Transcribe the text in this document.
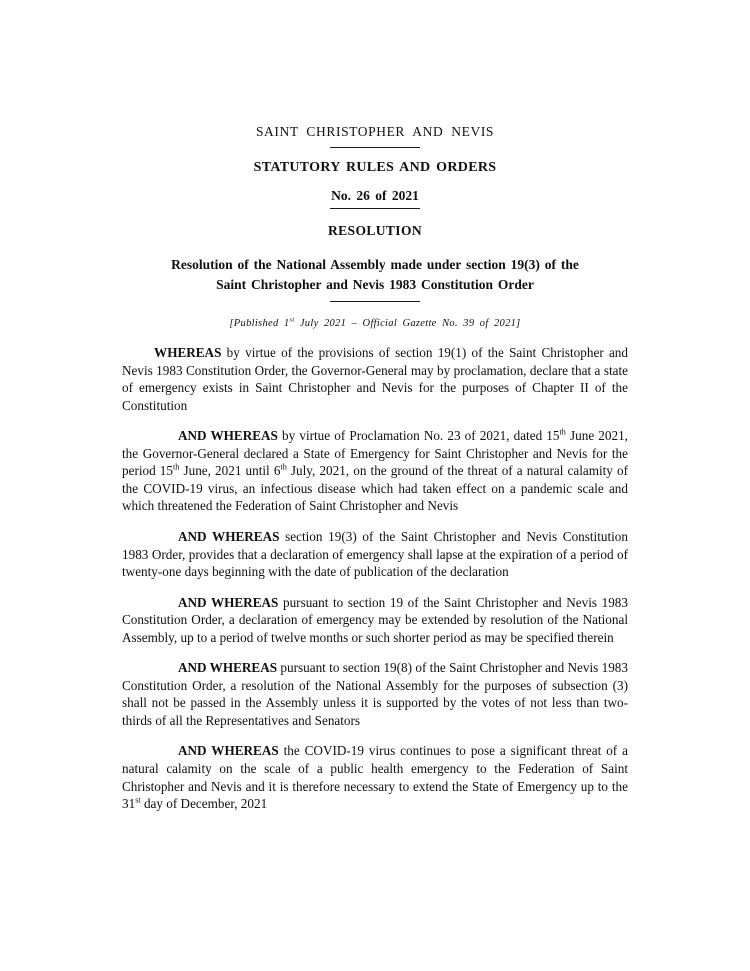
SAINT CHRISTOPHER AND NEVIS
STATUTORY RULES AND ORDERS
No. 26 of 2021
RESOLUTION
Resolution of the National Assembly made under section 19(3) of the
Saint Christopher and Nevis 1983 Constitution Order
[Published 1st July 2021 – Official Gazette No. 39 of 2021]

WHEREAS by virtue of the provisions of section 19(1) of the Saint Christopher and Nevis 1983 Constitution Order, the Governor-General may by proclamation, declare that a state of emergency exists in Saint Christopher and Nevis for the purposes of Chapter II of the Constitution

AND WHEREAS by virtue of Proclamation No. 23 of 2021, dated 15th June 2021, the Governor-General declared a State of Emergency for Saint Christopher and Nevis for the period 15th June, 2021 until 6th July, 2021, on the ground of the threat of a natural calamity of the COVID-19 virus, an infectious disease which had taken effect on a pandemic scale and which threatened the Federation of Saint Christopher and Nevis

AND WHEREAS section 19(3) of the Saint Christopher and Nevis Constitution 1983 Order, provides that a declaration of emergency shall lapse at the expiration of a period of twenty-one days beginning with the date of publication of the declaration

AND WHEREAS pursuant to section 19 of the Saint Christopher and Nevis 1983 Constitution Order, a declaration of emergency may be extended by resolution of the National Assembly, up to a period of twelve months or such shorter period as may be specified therein

AND WHEREAS pursuant to section 19(8) of the Saint Christopher and Nevis 1983 Constitution Order, a resolution of the National Assembly for the purposes of subsection (3) shall not be passed in the Assembly unless it is supported by the votes of not less than two-thirds of all the Representatives and Senators

AND WHEREAS the COVID-19 virus continues to pose a significant threat of a natural calamity on the scale of a public health emergency to the Federation of Saint Christopher and Nevis and it is therefore necessary to extend the State of Emergency up to the 31st day of December, 2021
